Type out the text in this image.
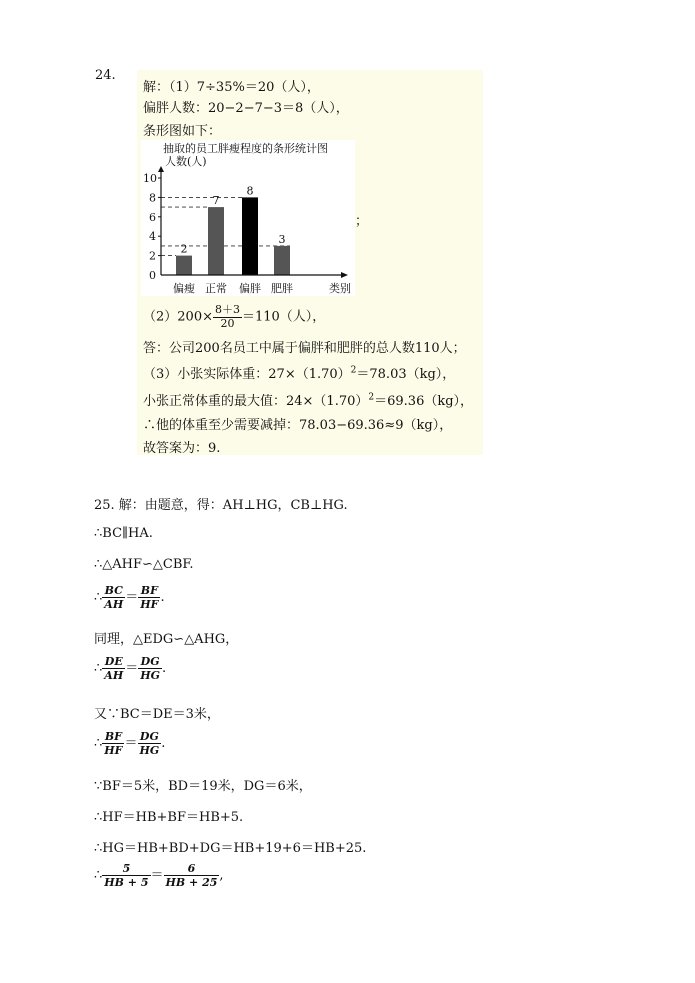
24.
解：（1）7÷35%＝20（人），
偏胖人数：20−2−7−3＝8（人），
条形图如下：
抽取的员工胖瘦程度的条形统计图
人数(人)
类别
2
偏瘦
7
正常
8
偏胖
3
肥胖
0
2
4
6
8
10
；
$(2)200\times \frac{8+3}{20} =110$（人），
答：公司200名员工中属于偏胖和肥胖的总人数110人；
（3）小张实际体重：$27\times(1.70)^2=78.03(kg)$，
小张正常体重的最大值：$24\times(1.70)^2=69.36(kg)$，
∴他的体重至少需要减掉：78.03−69.36≈9（kg），
故答案为：9.
25. 解：由题意，得：AH⊥HG，CB⊥HG.
∴BC∥HA.
∴△AHF∽△CBF.
∴ $\frac{BC}{AH} = \frac{BF}{HF}$ .
同理，△EDG∽△AHG，
∴ $\frac{DE}{AH} = \frac{DG}{HG}$ .
又∵BC＝DE＝3米，
∴ $\frac{BF}{HF} = \frac{DG}{HG}$ .
∵BF＝5米，BD＝19米，DG＝6米，
∴HF＝HB+BF＝HB+5.
∴HG＝HB+BD+DG＝HB+19+6＝HB+25.
∴ $\frac{5}{HB + 5} = \frac{6}{HB + 25}$ ,
